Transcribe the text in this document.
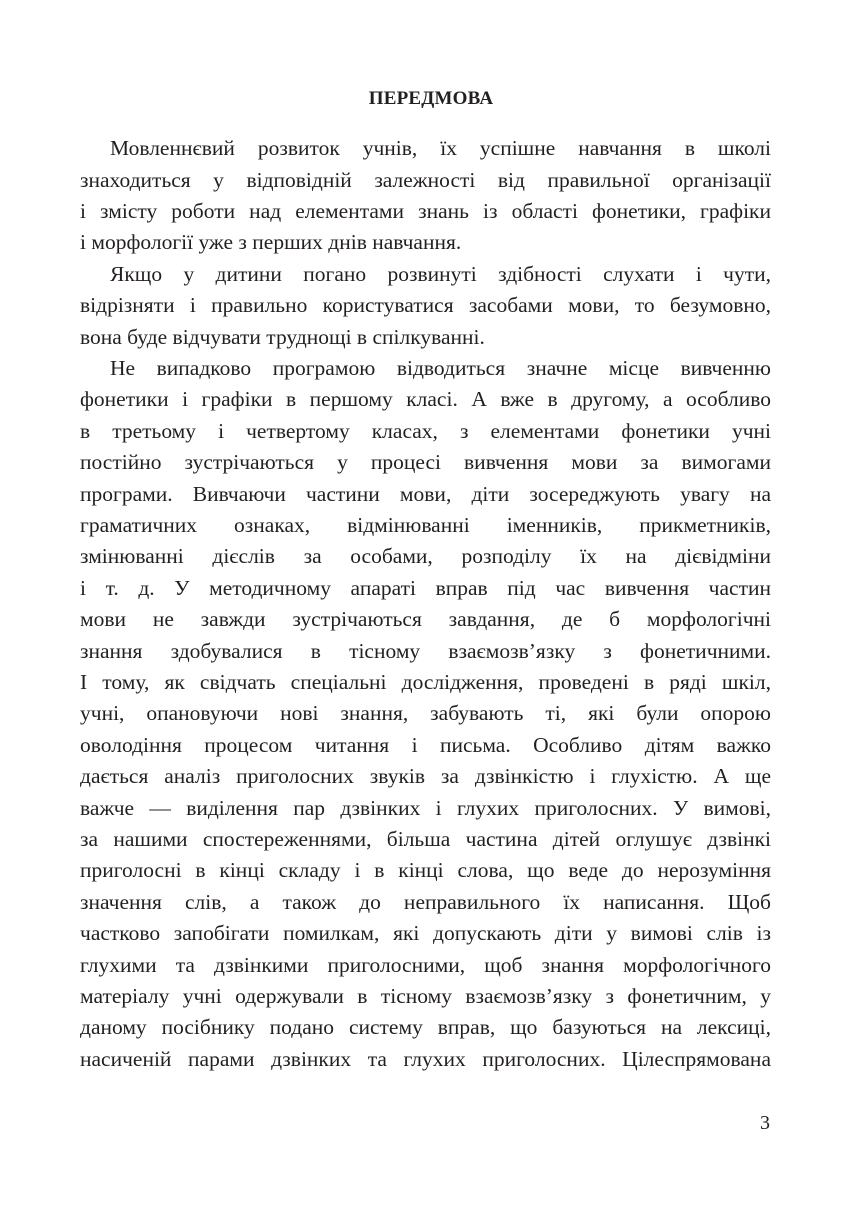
ПЕРЕДМОВА
Мовленнєвий розвиток учнів, їх успішне навчання в школі
знаходиться у відповідній залежності від правильної організації
і змісту роботи над елементами знань із області фонетики, графіки
і морфології уже з перших днів навчання.
Якщо у дитини погано розвинуті здібності слухати і чути,
відрізняти і правильно користуватися засобами мови, то безумовно,
вона буде відчувати труднощі в спілкуванні.
Не випадково програмою відводиться значне місце вивченню
фонетики і графіки в першому класі. А вже в другому, а особливо
в третьому і четвертому класах, з елементами фонетики учні
постійно зустрічаються у процесі вивчення мови за вимогами
програми. Вивчаючи частини мови, діти зосереджують увагу на
граматичних ознаках, відмінюванні іменників, прикметників,
змінюванні дієслів за особами, розподілу їх на дієвідміни
і т. д. У методичному апараті вправ під час вивчення частин
мови не завжди зустрічаються завдання, де б морфологічні
знання здобувалися в тісному взаємозв’язку з фонетичними.
І тому, як свідчать спеціальні дослідження, проведені в ряді шкіл,
учні, опановуючи нові знання, забувають ті, які були опорою
оволодіння процесом читання і письма. Особливо дітям важко
дається аналіз приголосних звуків за дзвінкістю і глухістю. А ще
важче — виділення пар дзвінких і глухих приголосних. У вимові,
за нашими спостереженнями, більша частина дітей оглушує дзвінкі
приголосні в кінці складу і в кінці слова, що веде до нерозуміння
значення слів, а також до неправильного їх написання. Щоб
частково запобігати помилкам, які допускають діти у вимові слів із
глухими та дзвінкими приголосними, щоб знання морфологічного
матеріалу учні одержували в тісному взаємозв’язку з фонетичним, у
даному посібнику подано систему вправ, що базуються на лексиці,
насиченій парами дзвінких та глухих приголосних. Цілеспрямована
3
